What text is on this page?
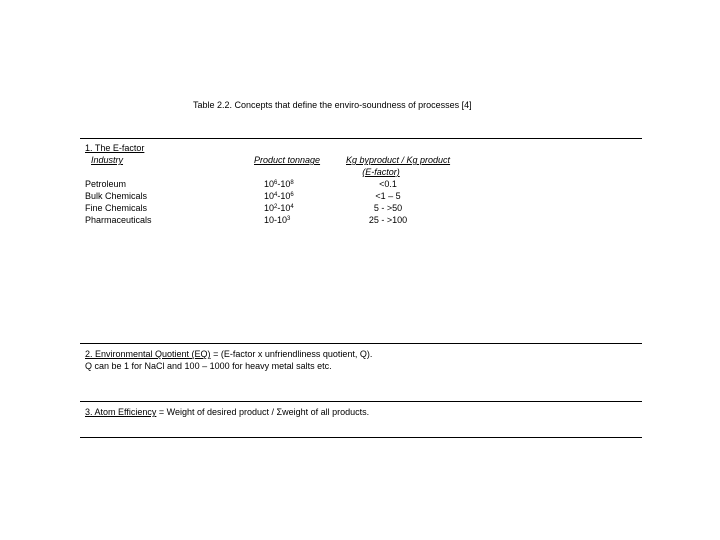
Table 2.2. Concepts that define the enviro-soundness of processes [4]
1. The E-factor
Industry	Product tonnage	Kg byproduct / Kg product
(E-factor)
Petroleum
Bulk Chemicals
Fine Chemicals
Pharmaceuticals
$10^6-10^8$
$10^4-10^6$
$10^2-10^4$
$10-10^3$
<0.1
<1 – 5
5 - >50
25 - >100
2. Environmental Quotient (EQ) = (E-factor x unfriendliness quotient, Q).
Q can be 1 for NaCl and 100 – 1000 for heavy metal salts etc.
3. Atom Efficiency = Weight of desired product / Σweight of all products.
